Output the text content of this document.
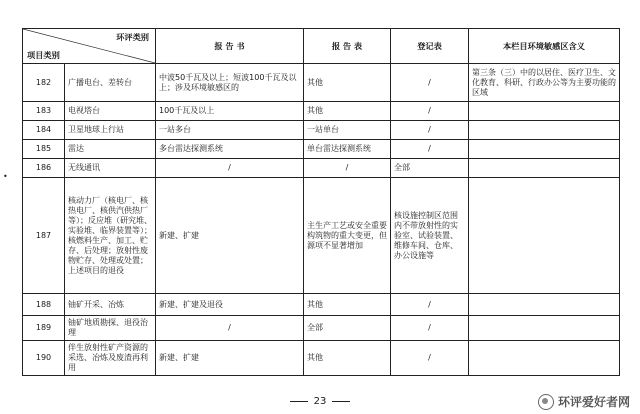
环评类别
项目类别		报 告 书	报 告 表	登记表	本栏目环境敏感区含义
182	广播电台、差转台	中波50千瓦及以上；短波100千瓦及以上；涉及环境敏感区的	其他	/	第三条（三）中的以居住、医疗卫生、文化教育、科研、行政办公等为主要功能的区域
183	电视塔台	100千瓦及以上	其他	/	
184	卫星地球上行站	一站多台	一站单台	/	
185	雷达	多台雷达探测系统	单台雷达探测系统	/	
186	无线通讯	/	/	全部	
187	核动力厂（核电厂、核热电厂、核供汽供热厂等）；反应堆（研究堆、实验堆、临界装置等）；核燃料生产、加工、贮存、后处理；放射性废物贮存、处理或处置；上述项目的退役	新建、扩建	主生产工艺或安全重要构筑物的重大变更，但源项不显著增加	核设施控制区范围内不带放射性的实验室、试验装置、维修车间、仓库、办公设施等	
188	铀矿开采、冶炼	新建、扩建及退役	其他	/	
189	铀矿地质勘探、退役治理	/	全部	/	
190	伴生放射性矿产资源的采选、冶炼及废渣再利用	新建、扩建	其他	/	
•
23	环评爱好者网
